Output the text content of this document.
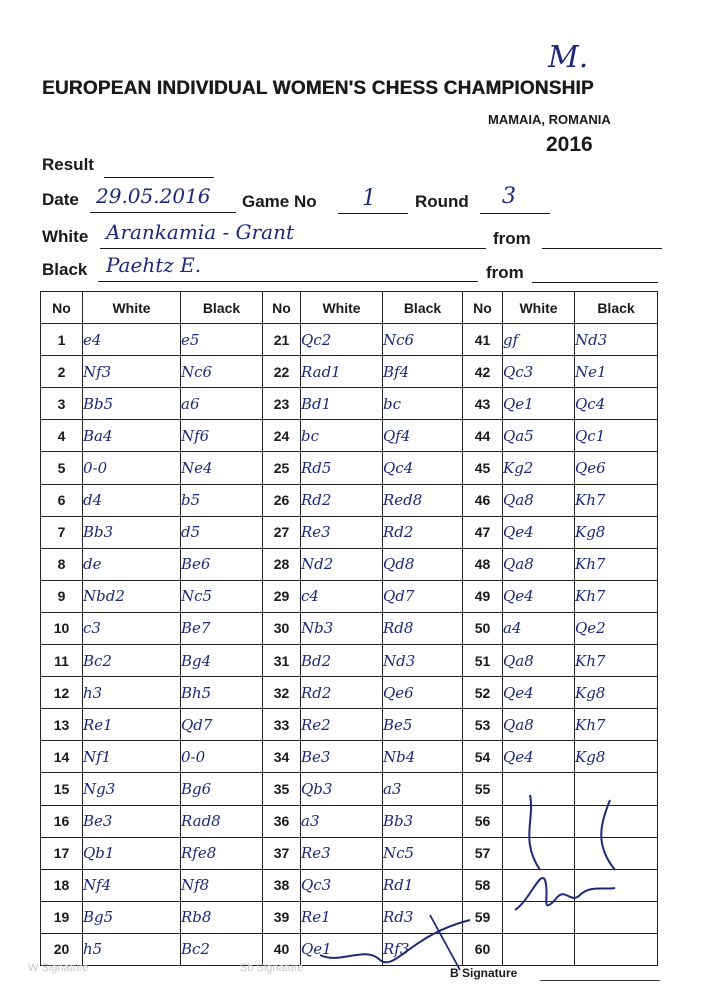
M.
EUROPEAN INDIVIDUAL WOMEN'S CHESS CHAMPIONSHIP
MAMAIA, ROMANIA
2016
Result
Date 29.05.2016 Game No 1 Round 3
White Arankamia - Grant	from
Black Paehtz E.	from
No	White	Black	No	White	Black	No	White	Black
1	e4	e5	21	Qc2	Nc6	41	gf	Nd3
2	Nf3	Nc6	22	Rad1	Bf4	42	Qc3	Ne1
3	Bb5	a6	23	Bd1	bc	43	Qe1	Qc4
4	Ba4	Nf6	24	bc	Qf4	44	Qa5	Qc1
5	0-0	Ne4	25	Rd5	Qc4	45	Kg2	Qe6
6	d4	b5	26	Rd2	Red8	46	Qa8	Kh7
7	Bb3	d5	27	Re3	Rd2	47	Qe4	Kg8
8	de	Be6	28	Nd2	Qd8	48	Qa8	Kh7
9	Nbd2	Nc5	29	c4	Qd7	49	Qe4	Kh7
10	c3	Be7	30	Nb3	Rd8	50	a4	Qe2
11	Bc2	Bg4	31	Bd2	Nd3	51	Qa8	Kh7
12	h3	Bh5	32	Rd2	Qe6	52	Qe4	Kg8
13	Re1	Qd7	33	Re2	Be5	53	Qa8	Kh7
14	Nf1	0-0	34	Be3	Nb4	54	Qe4	Kg8
15	Ng3	Bg6	35	Qb3	a3	55		
16	Be3	Rad8	36	a3	Bb3	56		
17	Qb1	Rfe8	37	Re3	Nc5	57		
18	Nf4	Nf8	38	Qc3	Rd1	58		
19	Bg5	Rb8	39	Re1	Rd3	59		
20	h5	Bc2	40	Qe1	Rf3	60		
W Signature	Sb Signature	B Signature
